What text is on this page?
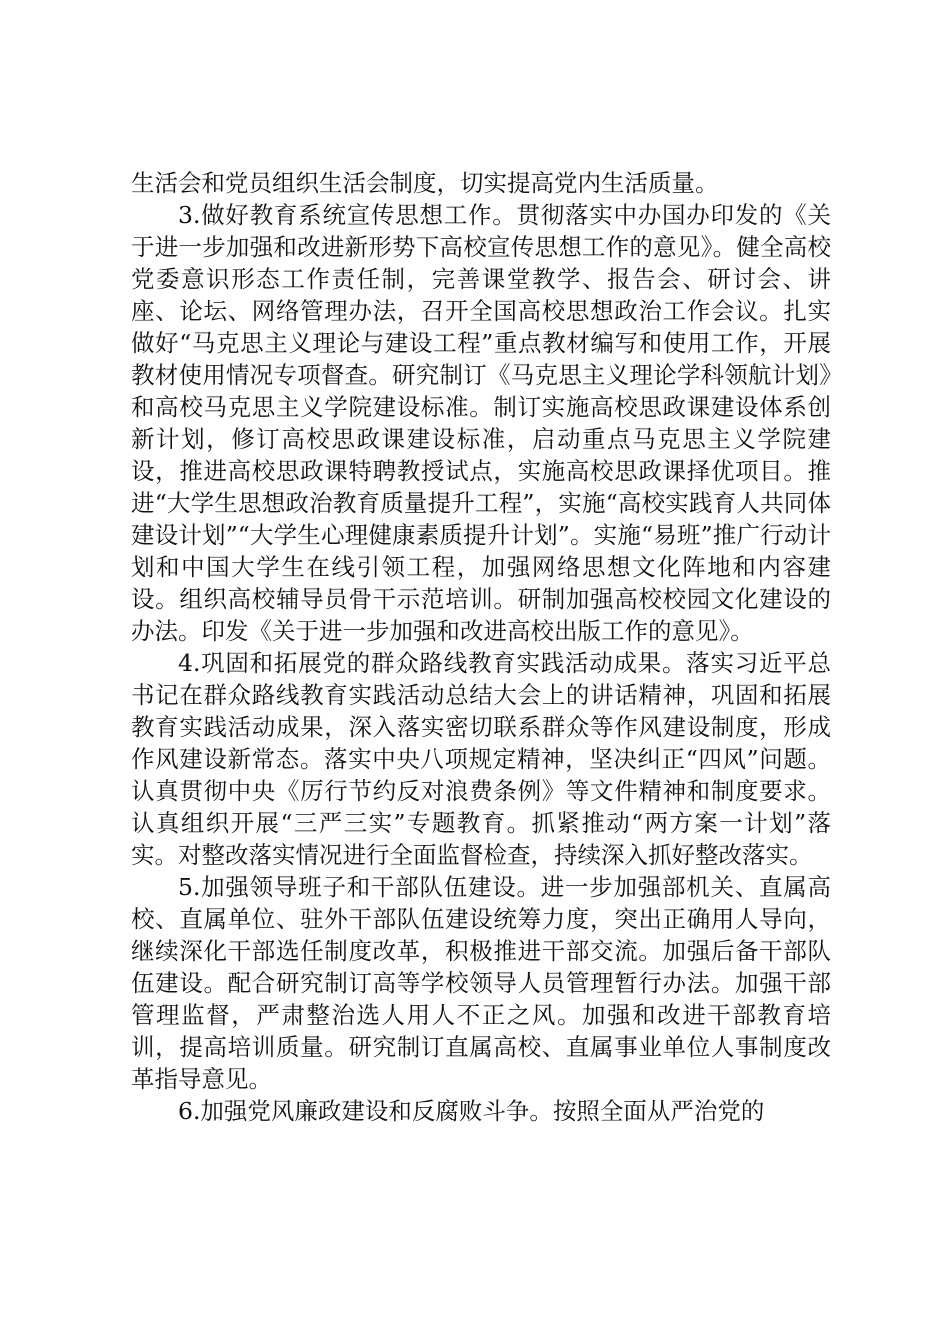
生活会和党员组织生活会制度，切实提高党内生活质量。

3.做好教育系统宣传思想工作。贯彻落实中办国办印发的《关于进一步加强和改进新形势下高校宣传思想工作的意见》。健全高校党委意识形态工作责任制，完善课堂教学、报告会、研讨会、讲座、论坛、网络管理办法，召开全国高校思想政治工作会议。扎实做好“马克思主义理论与建设工程”重点教材编写和使用工作，开展教材使用情况专项督查。研究制订《马克思主义理论学科领航计划》和高校马克思主义学院建设标准。制订实施高校思政课建设体系创新计划，修订高校思政课建设标准，启动重点马克思主义学院建设，推进高校思政课特聘教授试点，实施高校思政课择优项目。推进“大学生思想政治教育质量提升工程”，实施“高校实践育人共同体建设计划”“大学生心理健康素质提升计划”。实施“易班”推广行动计划和中国大学生在线引领工程，加强网络思想文化阵地和内容建设。组织高校辅导员骨干示范培训。研制加强高校校园文化建设的办法。印发《关于进一步加强和改进高校出版工作的意见》。

4.巩固和拓展党的群众路线教育实践活动成果。落实习近平总书记在群众路线教育实践活动总结大会上的讲话精神，巩固和拓展教育实践活动成果，深入落实密切联系群众等作风建设制度，形成作风建设新常态。落实中央八项规定精神，坚决纠正“四风”问题。认真贯彻中央《厉行节约反对浪费条例》等文件精神和制度要求。认真组织开展“三严三实”专题教育。抓紧推动“两方案一计划”落实。对整改落实情况进行全面监督检查，持续深入抓好整改落实。

5.加强领导班子和干部队伍建设。进一步加强部机关、直属高校、直属单位、驻外干部队伍建设统筹力度，突出正确用人导向，继续深化干部选任制度改革，积极推进干部交流。加强后备干部队伍建设。配合研究制订高等学校领导人员管理暂行办法。加强干部管理监督，严肃整治选人用人不正之风。加强和改进干部教育培训，提高培训质量。研究制订直属高校、直属事业单位人事制度改革指导意见。

6.加强党风廉政建设和反腐败斗争。按照全面从严治党的
